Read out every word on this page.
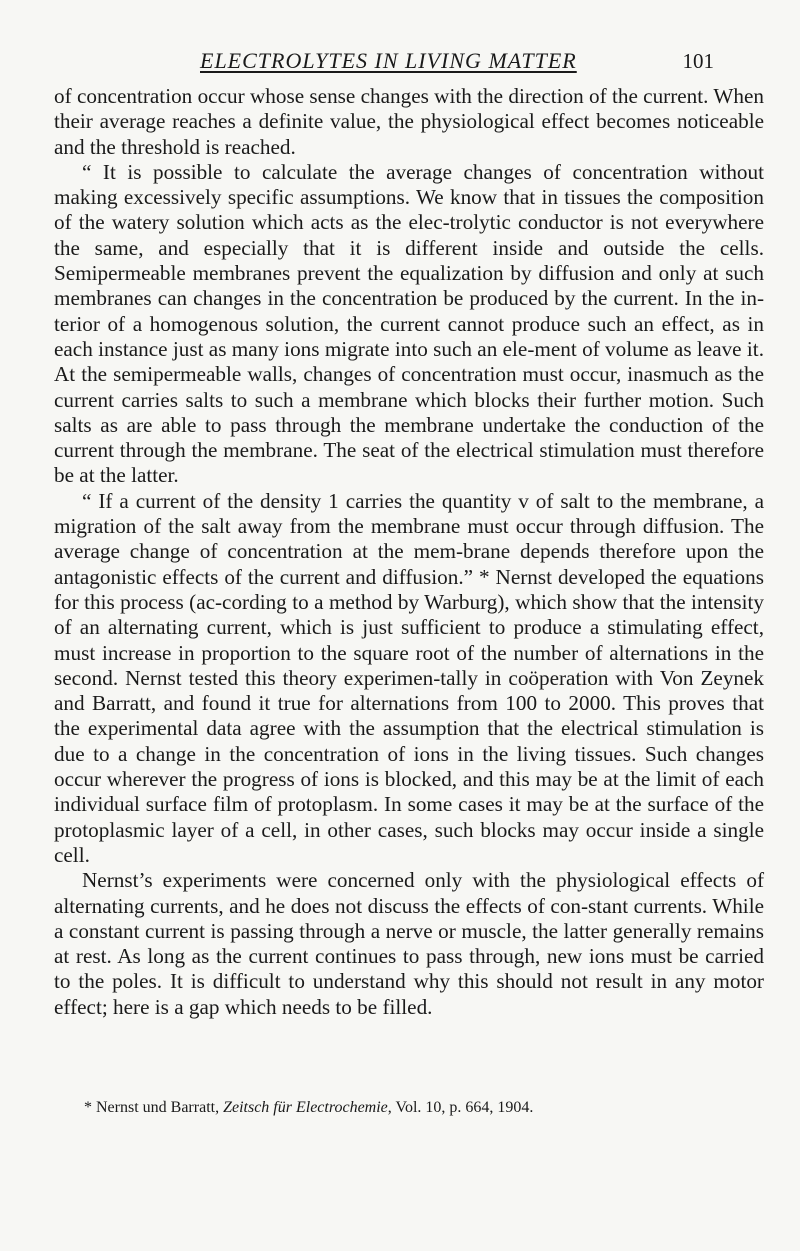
ELECTROLYTES IN LIVING MATTER	101

of concentration occur whose sense changes with the direction of the current. When their average reaches a definite value, the physiological effect becomes noticeable and the threshold is reached.

“ It is possible to calculate the average changes of concentration without making excessively specific assumptions. We know that in tissues the composition of the watery solution which acts as the elec-trolytic conductor is not everywhere the same, and especially that it is different inside and outside the cells. Semipermeable membranes prevent the equalization by diffusion and only at such membranes can changes in the concentration be produced by the current. In the in-terior of a homogenous solution, the current cannot produce such an effect, as in each instance just as many ions migrate into such an ele-ment of volume as leave it. At the semipermeable walls, changes of concentration must occur, inasmuch as the current carries salts to such a membrane which blocks their further motion. Such salts as are able to pass through the membrane undertake the conduction of the current through the membrane. The seat of the electrical stimulation must therefore be at the latter.

“ If a current of the density 1 carries the quantity v of salt to the membrane, a migration of the salt away from the membrane must occur through diffusion. The average change of concentration at the mem-brane depends therefore upon the antagonistic effects of the current and diffusion.” * Nernst developed the equations for this process (ac-cording to a method by Warburg), which show that the intensity of an alternating current, which is just sufficient to produce a stimulating effect, must increase in proportion to the square root of the number of alternations in the second. Nernst tested this theory experimen-tally in coöperation with Von Zeynek and Barratt, and found it true for alternations from 100 to 2000. This proves that the experimental data agree with the assumption that the electrical stimulation is due to a change in the concentration of ions in the living tissues. Such changes occur wherever the progress of ions is blocked, and this may be at the limit of each individual surface film of protoplasm. In some cases it may be at the surface of the protoplasmic layer of a cell, in other cases, such blocks may occur inside a single cell.

Nernst’s experiments were concerned only with the physiological effects of alternating currents, and he does not discuss the effects of con-stant currents. While a constant current is passing through a nerve or muscle, the latter generally remains at rest. As long as the current continues to pass through, new ions must be carried to the poles. It is difficult to understand why this should not result in any motor effect; here is a gap which needs to be filled.

* Nernst und Barratt, Zeitsch für Electrochemie, Vol. 10, p. 664, 1904.
